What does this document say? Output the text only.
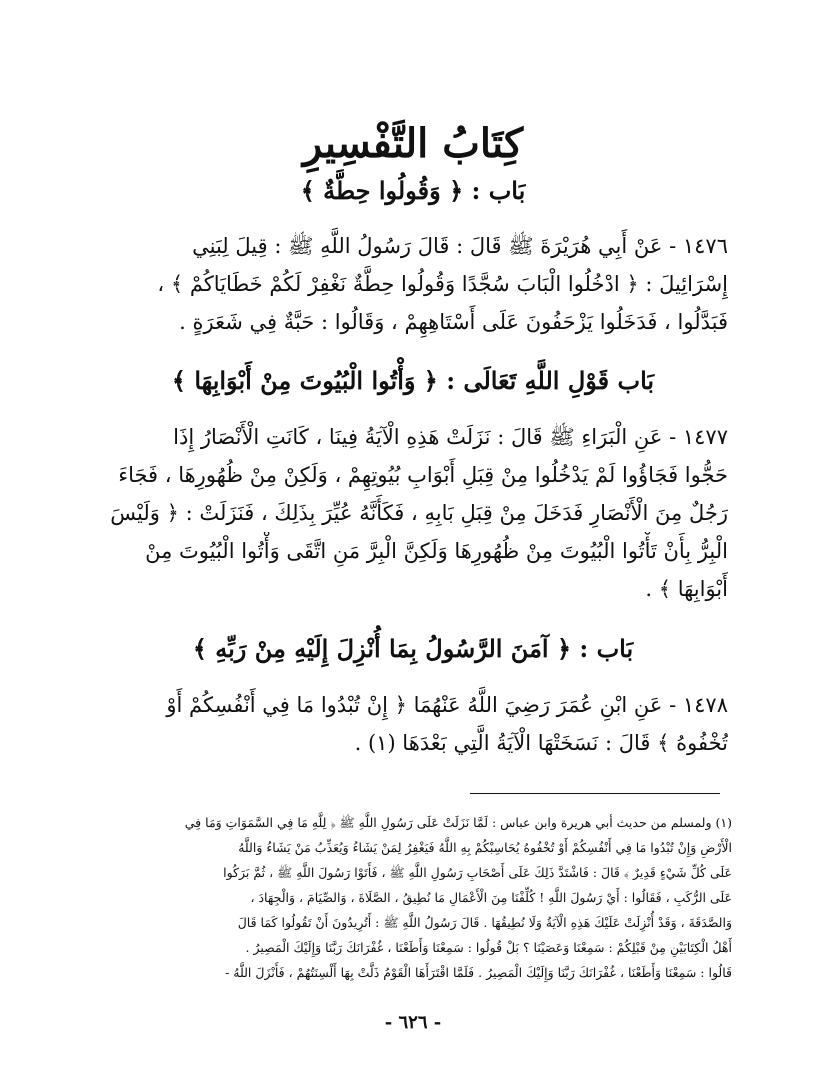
كِتَابُ التَّفْسِيرِ
بَاب : ﴿ وَقُولُوا حِطَّةٌ ﴾
١٤٧٦ - عَنْ أَبِي هُرَيْرَةَ ﷺ قَالَ : قَالَ رَسُولُ اللَّهِ ﷺ : قِيلَ لِبَنِي
إِسْرَائِيلَ : ﴿ ادْخُلُوا الْبَابَ سُجَّدًا وَقُولُوا حِطَّةٌ نَغْفِرْ لَكُمْ خَطَايَاكُمْ ﴾ ،
فَبَدَّلُوا ، فَدَخَلُوا يَزْحَفُونَ عَلَى أَسْتَاهِهِمْ ، وَقَالُوا : حَبَّةٌ فِي شَعَرَةٍ .
بَاب قَوْلِ اللَّهِ تَعَالَى : ﴿ وَأْتُوا الْبُيُوتَ مِنْ أَبْوَابِهَا ﴾
١٤٧٧ - عَنِ الْبَرَاءِ ﷺ قَالَ : نَزَلَتْ هَذِهِ الْآيَةُ فِينَا ، كَانَتِ الْأَنْصَارُ إِذَا
حَجُّوا فَجَاؤُوا لَمْ يَدْخُلُوا مِنْ قِبَلِ أَبْوَابِ بُيُوتِهِمْ ، وَلَكِنْ مِنْ ظُهُورِهَا ، فَجَاءَ
رَجُلٌ مِنَ الْأَنْصَارِ فَدَخَلَ مِنْ قِبَلِ بَابِهِ ، فَكَأَنَّهُ عُيِّرَ بِذَلِكَ ، فَنَزَلَتْ : ﴿ وَلَيْسَ
الْبِرُّ بِأَنْ تَأْتُوا الْبُيُوتَ مِنْ ظُهُورِهَا وَلَكِنَّ الْبِرَّ مَنِ اتَّقَى وَأْتُوا الْبُيُوتَ مِنْ
أَبْوَابِهَا ﴾ .
بَاب : ﴿ آمَنَ الرَّسُولُ بِمَا أُنْزِلَ إِلَيْهِ مِنْ رَبِّهِ ﴾
١٤٧٨ - عَنِ ابْنِ عُمَرَ رَضِيَ اللَّهُ عَنْهُمَا ﴿ إِنْ تُبْدُوا مَا فِي أَنْفُسِكُمْ أَوْ
تُخْفُوهُ ﴾ قَالَ : نَسَخَتْهَا الْآيَةُ الَّتِي بَعْدَهَا (١) .
(١) ولمسلم من حديث أبي هريرة وابن عباس : لَمَّا نَزَلَتْ عَلَى رَسُولِ اللَّهِ ﷺ ﴿ لِلَّهِ مَا فِي السَّمَوَاتِ وَمَا فِي
الْأَرْضِ وَإِنْ تُبْدُوا مَا فِي أَنْفُسِكُمْ أَوْ تُخْفُوهُ يُحَاسِبْكُمْ بِهِ اللَّهُ فَيَغْفِرُ لِمَنْ يَشَاءُ وَيُعَذِّبُ مَنْ يَشَاءُ وَاللَّهُ
عَلَى كُلِّ شَيْءٍ قَدِيرٌ ﴾ قَالَ : فَاشْتَدَّ ذَلِكَ عَلَى أَصْحَابِ رَسُولِ اللَّهِ ﷺ ، فَأَتَوْا رَسُولَ اللَّهِ ﷺ ، ثُمَّ بَرَكُوا
عَلَى الرُّكَبِ ، فَقَالُوا : أَيْ رَسُولَ اللَّهِ ! كُلِّفْنَا مِنَ الْأَعْمَالِ مَا نُطِيقُ ، الصَّلَاةَ ، وَالصِّيَامَ ، وَالْجِهَادَ ،
وَالصَّدَقَةَ ، وَقَدْ أُنْزِلَتْ عَلَيْكَ هَذِهِ الْآيَةُ وَلَا نُطِيقُهَا . قَالَ رَسُولُ اللَّهِ ﷺ : أَتُرِيدُونَ أَنْ تَقُولُوا كَمَا قَالَ
أَهْلُ الْكِتَابَيْنِ مِنْ قَبْلِكُمْ : سَمِعْنَا وَعَصَيْنَا ؟ بَلْ قُولُوا : سَمِعْنَا وَأَطَعْنَا ، غُفْرَانَكَ رَبَّنَا وَإِلَيْكَ الْمَصِيرُ .
قَالُوا : سَمِعْنَا وَأَطَعْنَا ، غُفْرَانَكَ رَبَّنَا وَإِلَيْكَ الْمَصِيرُ . فَلَمَّا اقْتَرَأَهَا الْقَوْمُ ذَلَّتْ بِهَا أَلْسِنَتُهُمْ ، فَأَنْزَلَ اللَّهُ -
- ٦٢٦ -
